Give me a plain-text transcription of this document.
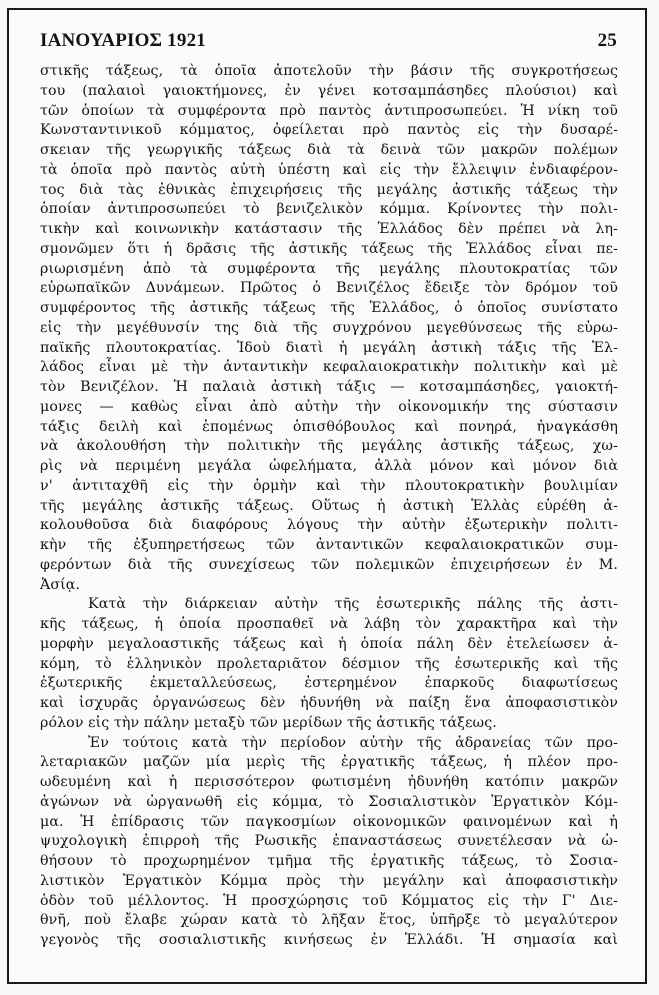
ΙΑΝΟΥΑΡΙΟΣ 1921	25
στικῆς τάξεως, τὰ ὁποῖα ἀποτελοῦν τὴν βάσιν τῆς συγκροτήσεως
του (παλαιοὶ γαιοκτήμονες, ἐν γένει κοτσαμπάσηδες πλούσιοι) καὶ
τῶν ὁποίων τὰ συμφέροντα πρὸ παντὸς ἀντιπροσωπεύει. Ἡ νίκη τοῦ
Κωνσταντινικοῦ κόμματος, ὀφείλεται πρὸ παντὸς εἰς τὴν δυσαρέ-
σκειαν τῆς γεωργικῆς τάξεως διὰ τὰ δεινὰ τῶν μακρῶν πολέμων
τὰ ὁποῖα πρὸ παντὸς αὐτὴ ὑπέστη καὶ εἰς τὴν ἔλλειψιν ἐνδιαφέρον-
τος διὰ τὰς ἐθνικὰς ἐπιχειρήσεις τῆς μεγάλης ἀστικῆς τάξεως τὴν
ὁποίαν ἀντιπροσωπεύει τὸ βενιζελικὸν κόμμα. Κρίνοντες τὴν πολι-
τικὴν καὶ κοινωνικὴν κατάστασιν τῆς Ἑλλάδος δὲν πρέπει νὰ λη-
σμονῶμεν ὅτι ἡ δρᾶσις τῆς ἀστικῆς τάξεως τῆς Ἑλλάδος εἶναι πε-
ριωρισμένη ἀπὸ τὰ συμφέροντα τῆς μεγάλης πλουτοκρατίας τῶν
εὐρωπαϊκῶν Δυνάμεων. Πρῶτος ὁ Βενιζέλος ἔδειξε τὸν δρόμον τοῦ
συμφέροντος τῆς ἀστικῆς τάξεως τῆς Ἑλλάδος, ὁ ὁποῖος συνίστατο
εἰς τὴν μεγέθυνσίν της διὰ τῆς συγχρόνου μεγεθύνσεως τῆς εὐρω-
παϊκῆς πλουτοκρατίας. Ἰδοὺ διατὶ ἡ μεγάλη ἀστικὴ τάξις τῆς Ἑλ-
λάδος εἶναι μὲ τὴν ἀνταντικὴν κεφαλαιοκρατικὴν πολιτικὴν καὶ μὲ
τὸν Βενιζέλον. Ἡ παλαιὰ ἀστικὴ τάξις — κοτσαμπάσηδες, γαιοκτή-
μονες — καθὼς εἶναι ἀπὸ αὐτὴν τὴν οἰκονομικήν της σύστασιν
τάξις δειλὴ καὶ ἑπομένως ὀπισθόβουλος καὶ πονηρά, ἠναγκάσθη
νὰ ἀκολουθήση τὴν πολιτικὴν τῆς μεγάλης ἀστικῆς τάξεως, χω-
ρὶς νὰ περιμένη μεγάλα ὠφελήματα, ἀλλὰ μόνον καὶ μόνον διὰ
ν' ἀντιταχθῆ εἰς τὴν ὁρμὴν καὶ τὴν πλουτοκρατικὴν βουλιμίαν
τῆς μεγάλης ἀστικῆς τάξεως. Οὕτως ἡ ἀστικὴ Ἑλλὰς εὑρέθη ἀ-
κολουθοῦσα διὰ διαφόρους λόγους τὴν αὐτὴν ἐξωτερικὴν πολιτι-
κὴν τῆς ἐξυπηρετήσεως τῶν ἀνταντικῶν κεφαλαιοκρατικῶν συμ-
φερόντων διὰ τῆς συνεχίσεως τῶν πολεμικῶν ἐπιχειρήσεων ἐν Μ.
Ἀσίᾳ.
Κατὰ τὴν διάρκειαν αὐτὴν τῆς ἐσωτερικῆς πάλης τῆς ἀστι-
κῆς τάξεως, ἡ ὁποία προσπαθεῖ νὰ λάβη τὸν χαρακτῆρα καὶ τὴν
μορφὴν μεγαλοαστικῆς τάξεως καὶ ἡ ὁποία πάλη δὲν ἐτελείωσεν ἀ-
κόμη, τὸ ἑλληνικὸν προλεταριᾶτον δέσμιον τῆς ἐσωτερικῆς καὶ τῆς
ἐξωτερικῆς ἐκμεταλλεύσεως, ἐστερημένον ἐπαρκοῦς διαφωτίσεως
καὶ ἰσχυρᾶς ὀργανώσεως δὲν ἠδυνήθη νὰ παίξη ἕνα ἀποφασιστικὸν
ρόλον εἰς τὴν πάλην μεταξὺ τῶν μερίδων τῆς ἀστικῆς τάξεως.
Ἐν τούτοις κατὰ τὴν περίοδον αὐτὴν τῆς ἀδρανείας τῶν προ-
λεταριακῶν μαζῶν μία μερὶς τῆς ἐργατικῆς τάξεως, ἡ πλέον προ-
ωδευμένη καὶ ἡ περισσότερον φωτισμένη ἠδυνήθη κατόπιν μακρῶν
ἀγώνων νὰ ὠργανωθῆ εἰς κόμμα, τὸ Σοσιαλιστικὸν Ἐργατικὸν Κόμ-
μα. Ἡ ἐπίδρασις τῶν παγκοσμίων οἰκονομικῶν φαινομένων καὶ ἡ
ψυχολογικὴ ἐπιρροὴ τῆς Ρωσικῆς ἐπαναστάσεως συνετέλεσαν νὰ ὠ-
θήσουν τὸ προχωρημένον τμῆμα τῆς ἐργατικῆς τάξεως, τὸ Σοσια-
λιστικὸν Ἐργατικὸν Κόμμα πρὸς τὴν μεγάλην καὶ ἀποφασιστικὴν
ὁδὸν τοῦ μέλλοντος. Ἡ προσχώρησις τοῦ Κόμματος εἰς τὴν Γ' Διε-
θνῆ, ποὺ ἔλαβε χώραν κατὰ τὸ λῆξαν ἔτος, ὑπῆρξε τὸ μεγαλύτερον
γεγονὸς τῆς σοσιαλιστικῆς κινήσεως ἐν Ἑλλάδι. Ἡ σημασία καὶ
